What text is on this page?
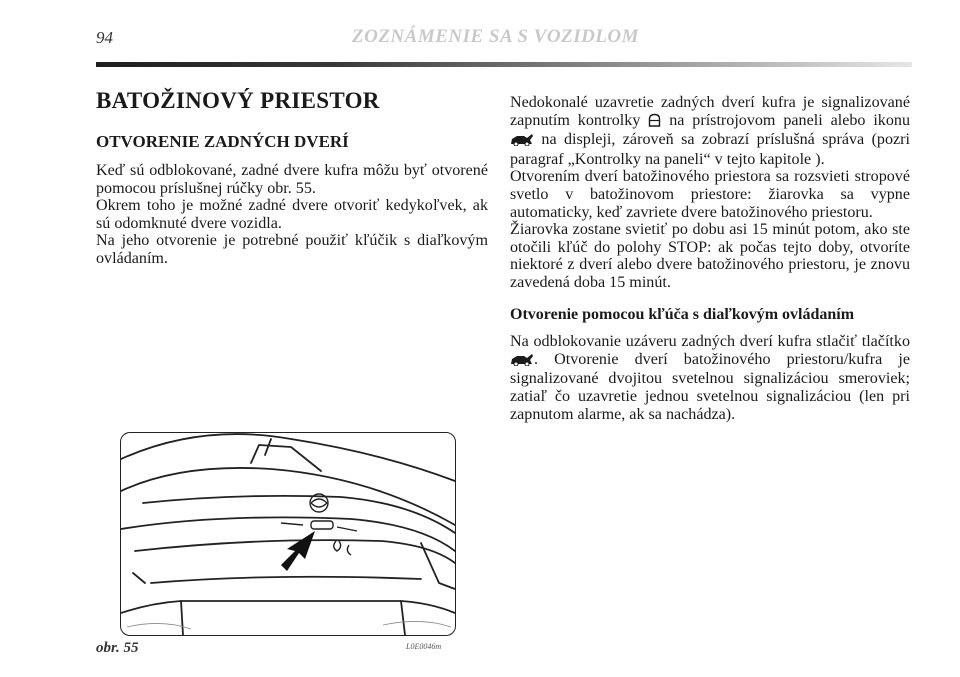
94	ZOZNÁMENIE SA S VOZIDLOM
BATOŽINOVÝ PRIESTOR
OTVORENIE ZADNÝCH DVERÍ

Keď sú odblokované, zadné dvere kufra môžu byť otvorené pomocou príslušnej rúčky obr. 55.

Okrem toho je možné zadné dvere otvoriť kedykoľvek, ak sú odomknuté dvere vozidla.

Na jeho otvorenie je potrebné použiť kľúčik s diaľkovým ovládaním.

Nedokonalé uzavretie zadných dverí kufra je signalizované zapnutím kontrolky na prístrojovom paneli alebo ikonu  na displeji, zároveň sa zobrazí príslušná správa (pozri paragraf „Kontrolky na paneli“ v tejto kapitole ).

Otvorením dverí batožinového priestora sa rozsvieti stropové svetlo v batožinovom priestore: žiarovka sa vypne automaticky, keď zavriete dvere batožinového priestoru.

Žiarovka zostane svietiť po dobu asi 15 minút potom, ako ste otočili kľúč do polohy STOP: ak počas tejto doby, otvoríte niektoré z dverí alebo dvere batožinového priestoru, je znovu zavedená doba 15 minút.

Otvorenie pomocou kľúča s diaľkovým ovládaním

Na odblokovanie uzáveru zadných dverí kufra stlačiť tlačítko . Otvorenie dverí batožinového priestoru/kufra je signalizované dvojitou svetelnou signalizáciou smeroviek; zatiaľ čo uzavretie jednou svetelnou signalizáciou (len pri zapnutom alarme, ak sa nachádza).

obr. 55	L0E0046m
